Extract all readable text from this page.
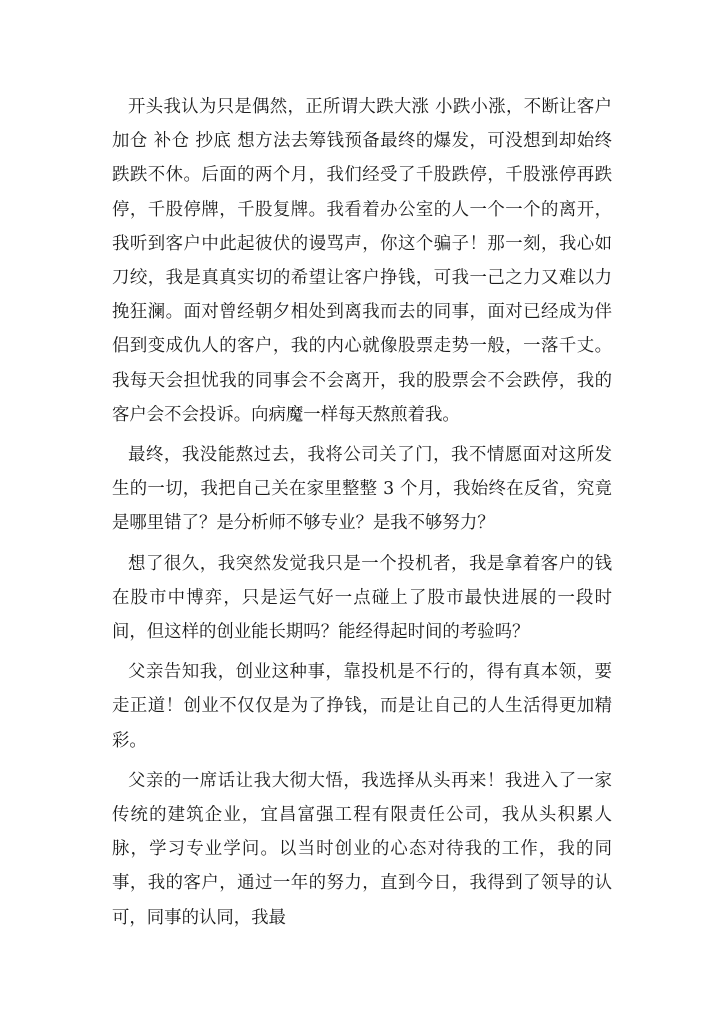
开头我认为只是偶然，正所谓大跌大涨 小跌小涨，不断让客户加仓 补仓 抄底 想方法去筹钱预备最终的爆发，可没想到却始终跌跌不休。后面的两个月，我们经受了千股跌停，千股涨停再跌停，千股停牌，千股复牌。我看着办公室的人一个一个的离开，我听到客户中此起彼伏的谩骂声，你这个骗子！那一刻，我心如刀绞，我是真真实切的希望让客户挣钱，可我一己之力又难以力挽狂澜。面对曾经朝夕相处到离我而去的同事，面对已经成为伴侣到变成仇人的客户，我的内心就像股票走势一般，一落千丈。我每天会担忧我的同事会不会离开，我的股票会不会跌停，我的客户会不会投诉。向病魔一样每天熬煎着我。

最终，我没能熬过去，我将公司关了门，我不情愿面对这所发生的一切，我把自己关在家里整整 3 个月，我始终在反省，究竟是哪里错了？是分析师不够专业？是我不够努力？

想了很久，我突然发觉我只是一个投机者，我是拿着客户的钱在股市中博弈，只是运气好一点碰上了股市最快进展的一段时间，但这样的创业能长期吗？能经得起时间的考验吗？

父亲告知我，创业这种事，靠投机是不行的，得有真本领，要走正道！创业不仅仅是为了挣钱，而是让自己的人生活得更加精彩。

父亲的一席话让我大彻大悟，我选择从头再来！我进入了一家传统的建筑企业，宜昌富强工程有限责任公司，我从头积累人脉，学习专业学问。以当时创业的心态对待我的工作，我的同事，我的客户，通过一年的努力，直到今日，我得到了领导的认可，同事的认同，我最
